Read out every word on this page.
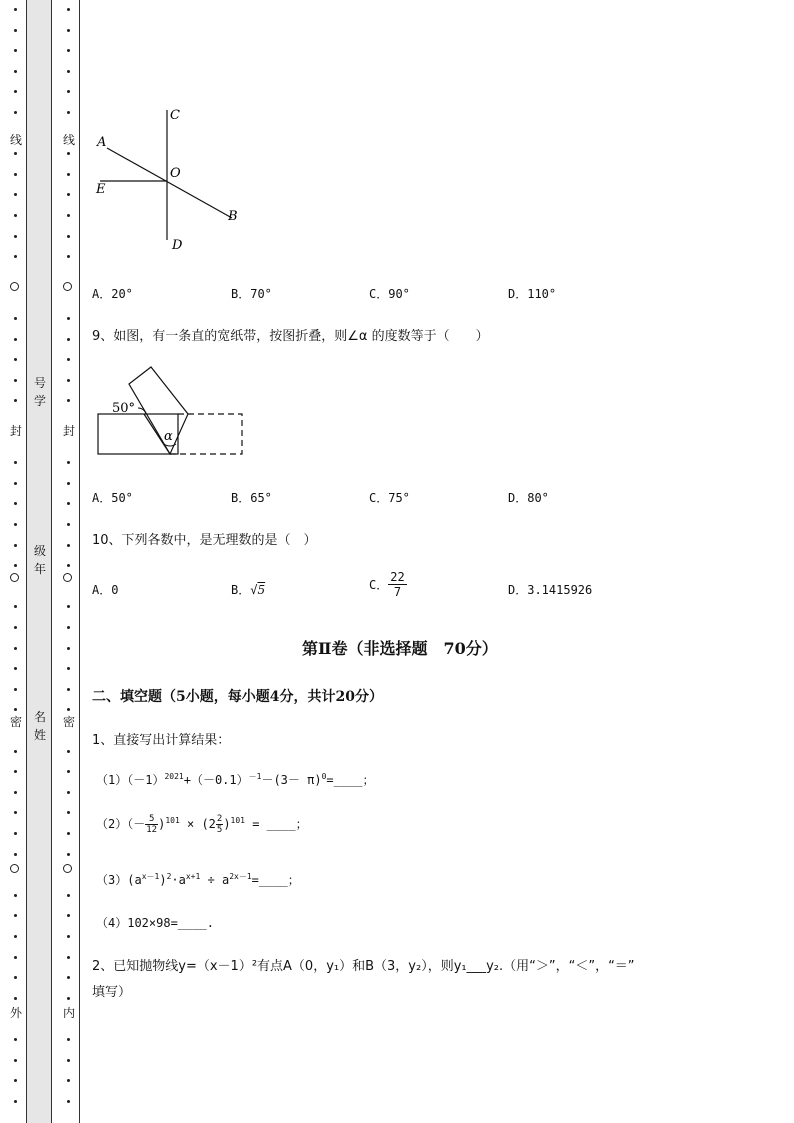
线
封
密
外
号
学
级
年
名
姓
线
封
密
内
C
A
O
E
B
D
A．20°	B．70°	C．90°	D．110°
9、如图，有一条直的宽纸带，按图折叠，则∠α 的度数等于（　　）
50°
α
A．50°	B．65°	C．75°	D．80°
10、下列各数中，是无理数的是（　）
A．0	B．√5	C． $\frac{22}{7}$	D．3.1415926
第Ⅱ卷（非选择题　70分）
二、填空题（5小题，每小题4分，共计20分）
1、直接写出计算结果：
$(1)(-1)^{2021}+(-0.1)^{-1}-(3-$ $\pi)^0=\_\_\_\_$；
$(2)(- \frac{5}{12} )^{101} \times (2 \frac{2}{5} )^{101}$ = ____；
$(3)(a^{x-1})^2\cdot a^{x+1}$ ÷ $a^{2x-1}=\_\_\_\_$；
（4）102×98=____.
2、已知抛物线y=（x－1）²有点A（0，y₁）和B（3，y₂），则y₁___y₂.（用“＞”，“＜”，“＝”
填写）
